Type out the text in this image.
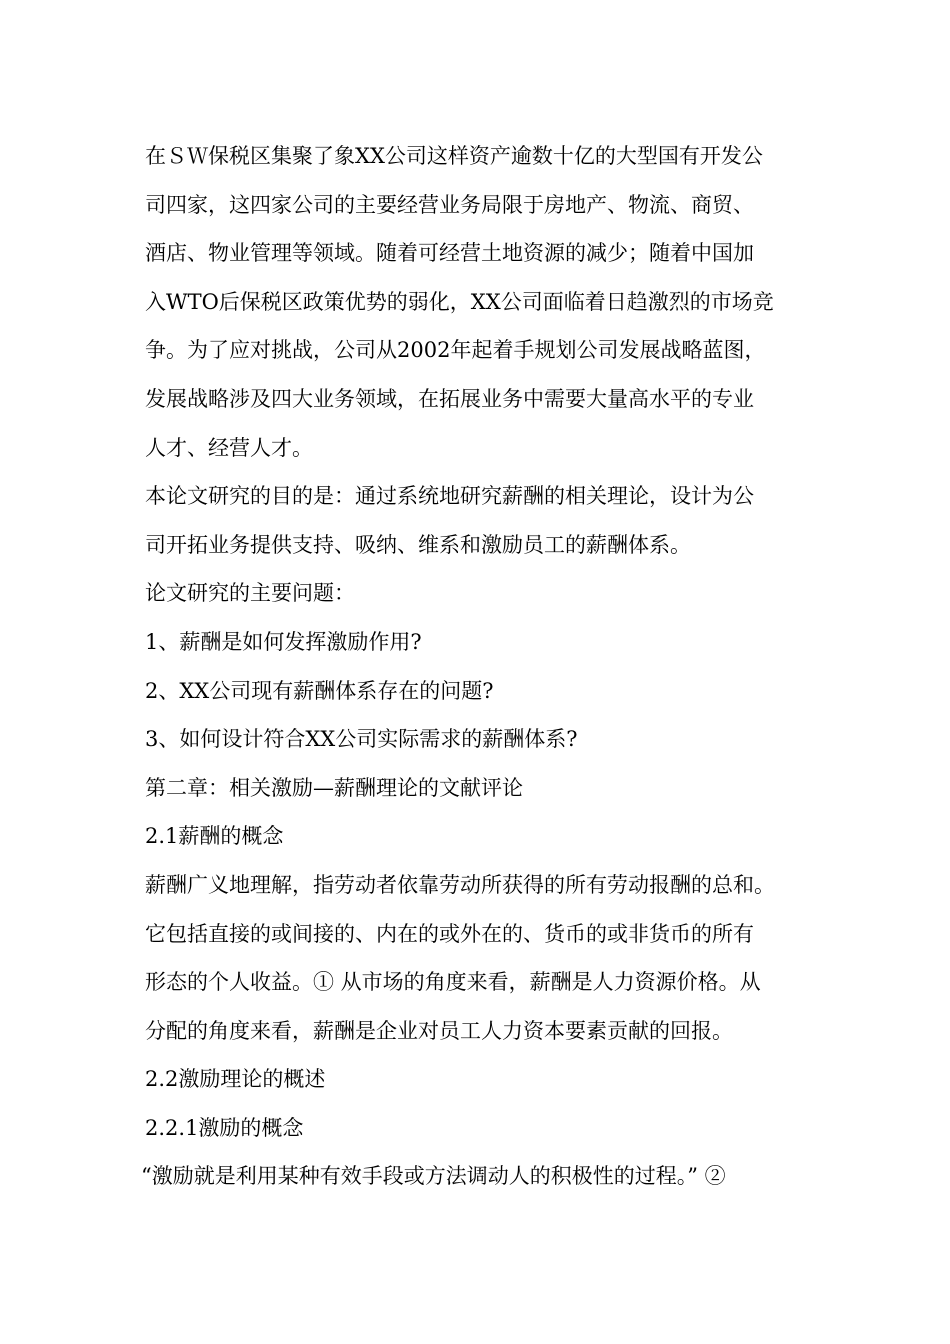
在ＳＷ保税区集聚了象XX公司这样资产逾数十亿的大型国有开发公
司四家，这四家公司的主要经营业务局限于房地产、物流、商贸、
酒店、物业管理等领域。随着可经营土地资源的减少；随着中国加
入WTO后保税区政策优势的弱化，XX公司面临着日趋激烈的市场竞
争。为了应对挑战，公司从2002年起着手规划公司发展战略蓝图，
发展战略涉及四大业务领域，在拓展业务中需要大量高水平的专业
人才、经营人才。

本论文研究的目的是：通过系统地研究薪酬的相关理论，设计为公
司开拓业务提供支持、吸纳、维系和激励员工的薪酬体系。

论文研究的主要问题：

1、薪酬是如何发挥激励作用?
2、XX公司现有薪酬体系存在的问题?
3、如何设计符合XX公司实际需求的薪酬体系?

第二章：相关激励—薪酬理论的文献评论

2.1薪酬的概念

薪酬广义地理解，指劳动者依靠劳动所获得的所有劳动报酬的总和。
它包括直接的或间接的、内在的或外在的、货币的或非货币的所有
形态的个人收益。① 从市场的角度来看，薪酬是人力资源价格。从
分配的角度来看，薪酬是企业对员工人力资本要素贡献的回报。

2.2激励理论的概述

2.2.1激励的概念

“激励就是利用某种有效手段或方法调动人的积极性的过程。” ②
